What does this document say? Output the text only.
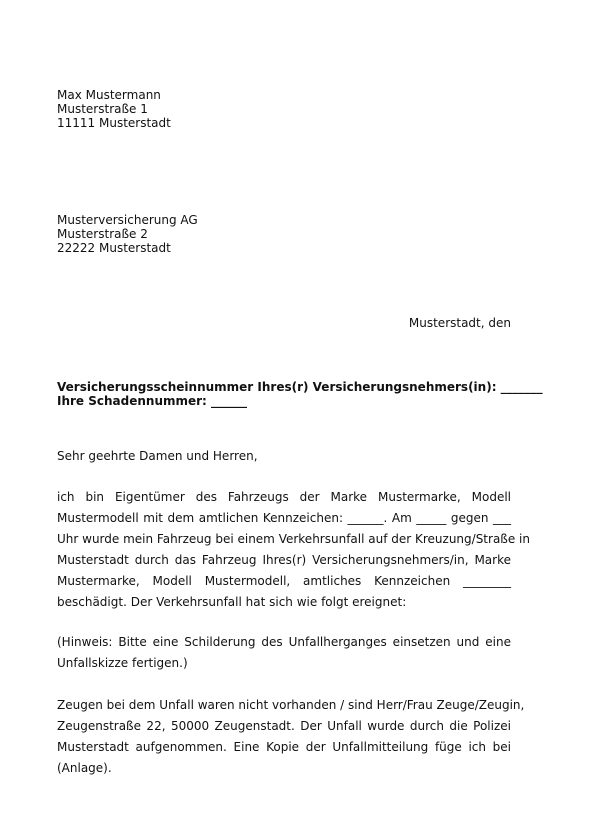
Max Mustermann
Musterstraße 1
11111 Musterstadt
Musterversicherung AG
Musterstraße 2
22222 Musterstadt
Musterstadt, den
Versicherungsscheinnummer Ihres(r) Versicherungsnehmers(in): _______
Ihre Schadennummer: ______
Sehr geehrte Damen und Herren,
ich bin Eigentümer des Fahrzeugs der Marke Mustermarke, Modell
Mustermodell mit dem amtlichen Kennzeichen: ______. Am _____ gegen ___
Uhr wurde mein Fahrzeug bei einem Verkehrsunfall auf der Kreuzung/Straße in
Musterstadt durch das Fahrzeug Ihres(r) Versicherungsnehmers/in, Marke
Mustermarke, Modell Mustermodell, amtliches Kennzeichen ________
beschädigt. Der Verkehrsunfall hat sich wie folgt ereignet:
(Hinweis: Bitte eine Schilderung des Unfallherganges einsetzen und eine
Unfallskizze fertigen.)
Zeugen bei dem Unfall waren nicht vorhanden / sind Herr/Frau Zeuge/Zeugin,
Zeugenstraße 22, 50000 Zeugenstadt. Der Unfall wurde durch die Polizei
Musterstadt aufgenommen. Eine Kopie der Unfallmitteilung füge ich bei
(Anlage).
